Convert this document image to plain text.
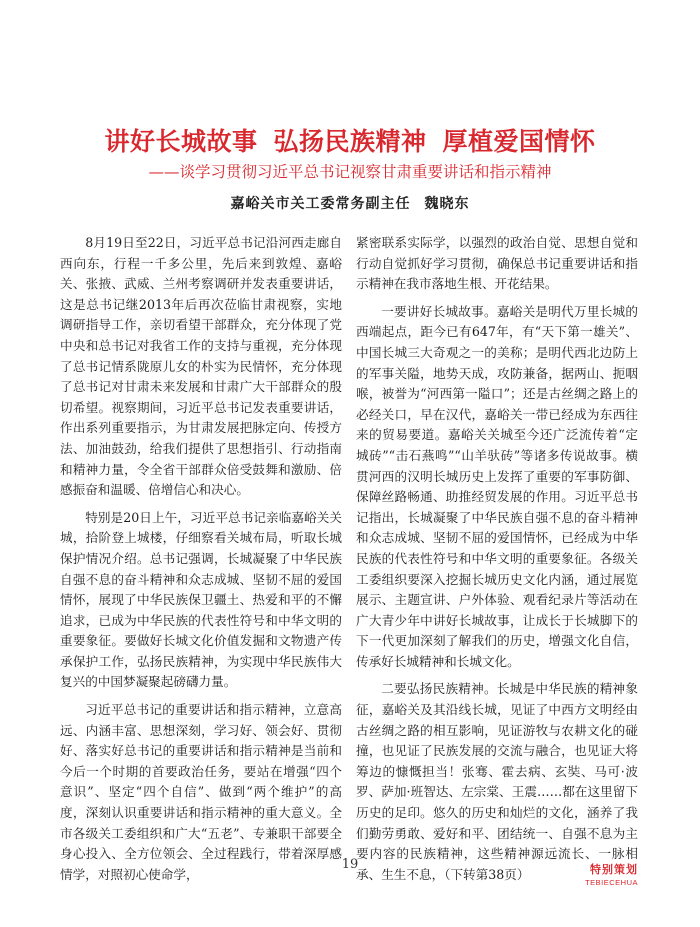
讲好长城故事 弘扬民族精神 厚植爱国情怀
——谈学习贯彻习近平总书记视察甘肃重要讲话和指示精神
嘉峪关市关工委常务副主任 魏晓东

8月19日至22日，习近平总书记沿河西走廊自西向东，行程一千多公里，先后来到敦煌、嘉峪关、张掖、武威、兰州考察调研并发表重要讲话，这是总书记继2013年后再次莅临甘肃视察，实地调研指导工作，亲切看望干部群众，充分体现了党中央和总书记对我省工作的支持与重视，充分体现了总书记情系陇原儿女的朴实为民情怀，充分体现了总书记对甘肃未来发展和甘肃广大干部群众的殷切希望。视察期间，习近平总书记发表重要讲话，作出系列重要指示，为甘肃发展把脉定向、传授方法、加油鼓劲，给我们提供了思想指引、行动指南和精神力量，令全省干部群众倍受鼓舞和激励、倍感振奋和温暖、倍增信心和决心。

特别是20日上午，习近平总书记亲临嘉峪关关城，拾阶登上城楼，仔细察看关城布局，听取长城保护情况介绍。总书记强调，长城凝聚了中华民族自强不息的奋斗精神和众志成城、坚韧不屈的爱国情怀，展现了中华民族保卫疆土、热爱和平的不懈追求，已成为中华民族的代表性符号和中华文明的重要象征。要做好长城文化价值发掘和文物遗产传承保护工作，弘扬民族精神，为实现中华民族伟大复兴的中国梦凝聚起磅礴力量。

习近平总书记的重要讲话和指示精神，立意高远、内涵丰富、思想深刻，学习好、领会好、贯彻好、落实好总书记的重要讲话和指示精神是当前和今后一个时期的首要政治任务，要站在增强“四个意识”、坚定“四个自信”、做到“两个维护”的高度，深刻认识重要讲话和指示精神的重大意义。全市各级关工委组织和广大“五老”、专兼职干部要全身心投入、全方位领会、全过程践行，带着深厚感情学，对照初心使命学，

紧密联系实际学，以强烈的政治自觉、思想自觉和行动自觉抓好学习贯彻，确保总书记重要讲话和指示精神在我市落地生根、开花结果。

一要讲好长城故事。嘉峪关是明代万里长城的西端起点，距今已有647年，有“天下第一雄关”、中国长城三大奇观之一的美称；是明代西北边防上的军事关隘，地势天成，攻防兼备，据两山、扼咽喉，被誉为“河西第一隘口”；还是古丝绸之路上的必经关口，早在汉代，嘉峪关一带已经成为东西往来的贸易要道。嘉峪关关城至今还广泛流传着“定城砖”“击石燕鸣”“山羊驮砖”等诸多传说故事。横贯河西的汉明长城历史上发挥了重要的军事防御、保障丝路畅通、助推经贸发展的作用。习近平总书记指出，长城凝聚了中华民族自强不息的奋斗精神和众志成城、坚韧不屈的爱国情怀，已经成为中华民族的代表性符号和中华文明的重要象征。各级关工委组织要深入挖掘长城历史文化内涵，通过展览展示、主题宣讲、户外体验、观看纪录片等活动在广大青少年中讲好长城故事，让成长于长城脚下的下一代更加深刻了解我们的历史，增强文化自信，传承好长城精神和长城文化。

二要弘扬民族精神。长城是中华民族的精神象征，嘉峪关及其沿线长城，见证了中西方文明经由古丝绸之路的相互影响，见证游牧与农耕文化的碰撞，也见证了民族发展的交流与融合，也见证大将筹边的慷慨担当！张骞、霍去病、玄奘、马可·波罗、萨加·班智达、左宗棠、王震……都在这里留下历史的足印。悠久的历史和灿烂的文化，涵养了我们勤劳勇敢、爱好和平、团结统一、自强不息为主要内容的民族精神，这些精神源远流长、一脉相承、生生不息，（下转第38页）

19	特别策划
TEBIECEHUA
